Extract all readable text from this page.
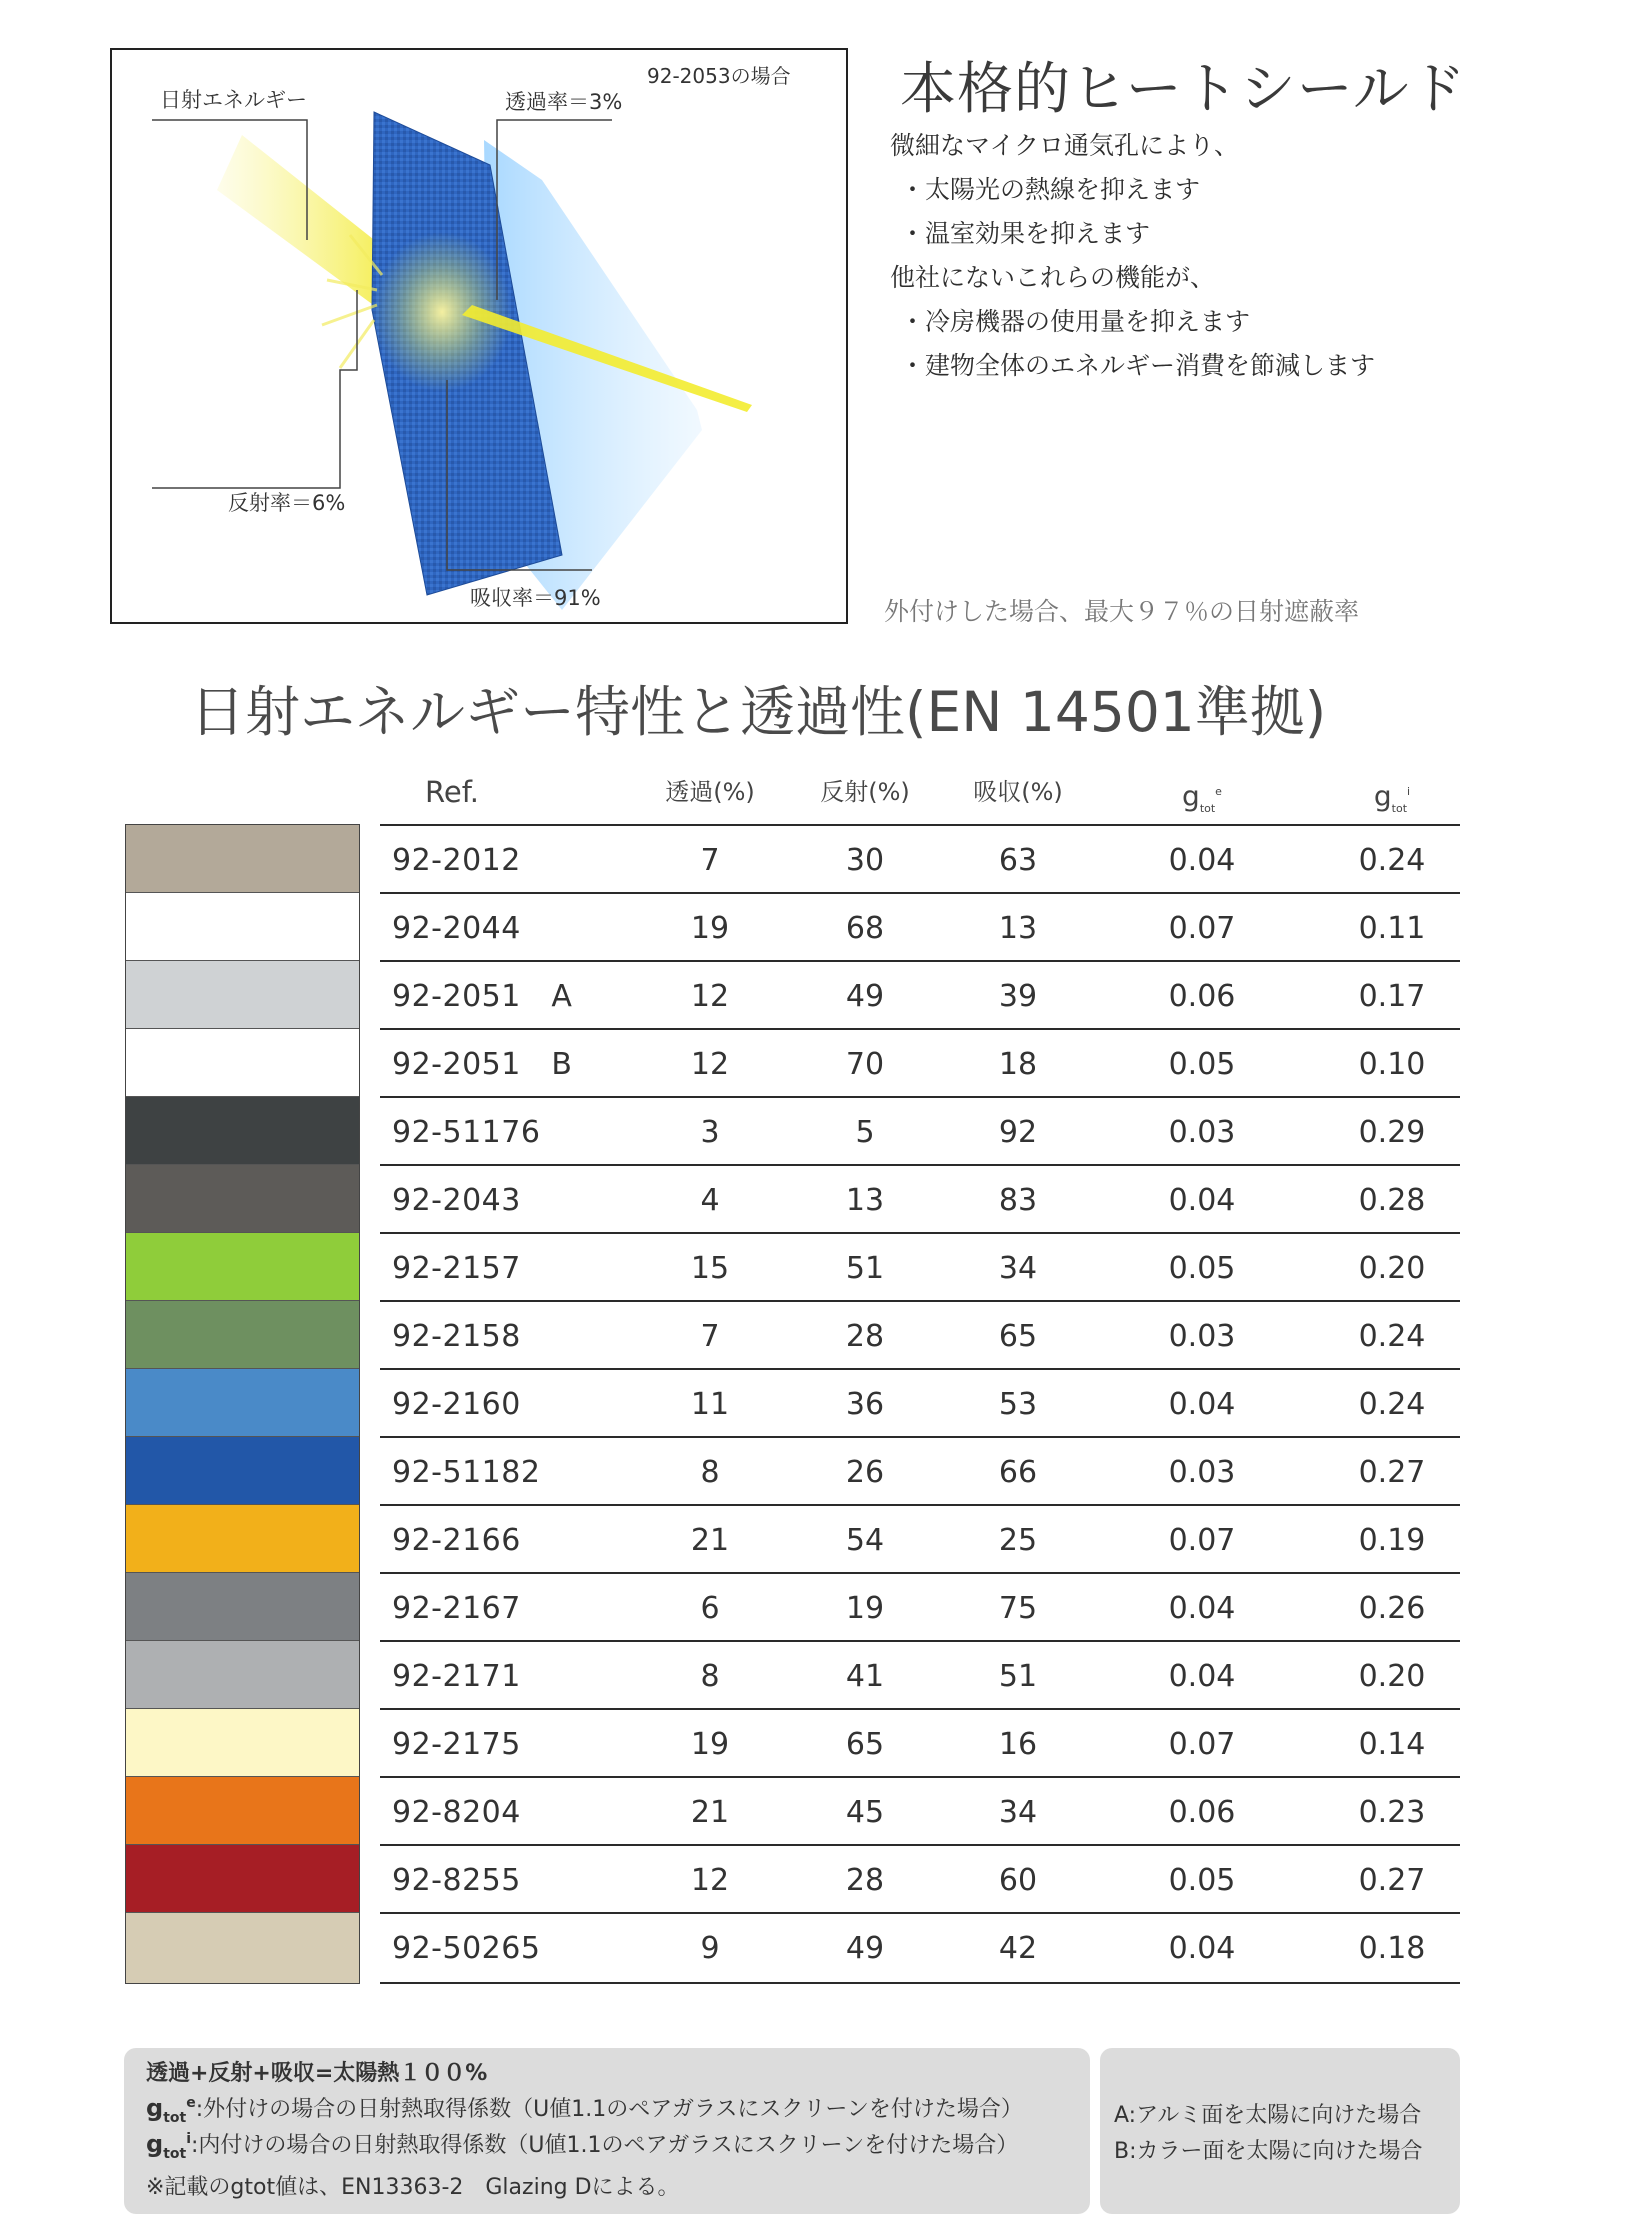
日射エネルギー	透過率＝3%
92-2053の場合
反射率＝6%
吸収率＝91%
本格的ヒートシールド
微細なマイクロ通気孔により、
・太陽光の熱線を抑えます
・温室効果を抑えます
他社にないこれらの機能が、
・冷房機器の使用量を抑えます
・建物全体のエネルギー消費を節減します
外付けした場合、最大９７％の日射遮蔽率
日射エネルギー特性と透過性(EN 14501準拠)
Ref.	透過(%)	反射(%)	吸収(%)	$g_{tot}^e$	$g_{tot}^i$
92-2012	7	30	63	0.04	0.24
92-2044	19	68	13	0.07	0.11
92-2051　A	12	49	39	0.06	0.17
92-2051　B	12	70	18	0.05	0.10
92-51176	3	5	92	0.03	0.29
92-2043	4	13	83	0.04	0.28
92-2157	15	51	34	0.05	0.20
92-2158	7	28	65	0.03	0.24
92-2160	11	36	53	0.04	0.24
92-51182	8	26	66	0.03	0.27
92-2166	21	54	25	0.07	0.19
92-2167	6	19	75	0.04	0.26
92-2171	8	41	51	0.04	0.20
92-2175	19	65	16	0.07	0.14
92-8204	21	45	34	0.06	0.23
92-8255	12	28	60	0.05	0.27
92-50265	9	49	42	0.04	0.18
透過+反射+吸収=太陽熱１００%
$g_{tot}^e$:外付けの場合の日射熱取得係数（U値1.1のペアガラスにスクリーンを付けた場合）
$g_{tot}^i$:内付けの場合の日射熱取得係数（U値1.1のペアガラスにスクリーンを付けた場合）
※記載のgtot値は、EN13363-2　Glazing Dによる。
A:アルミ面を太陽に向けた場合
B:カラー面を太陽に向けた場合
